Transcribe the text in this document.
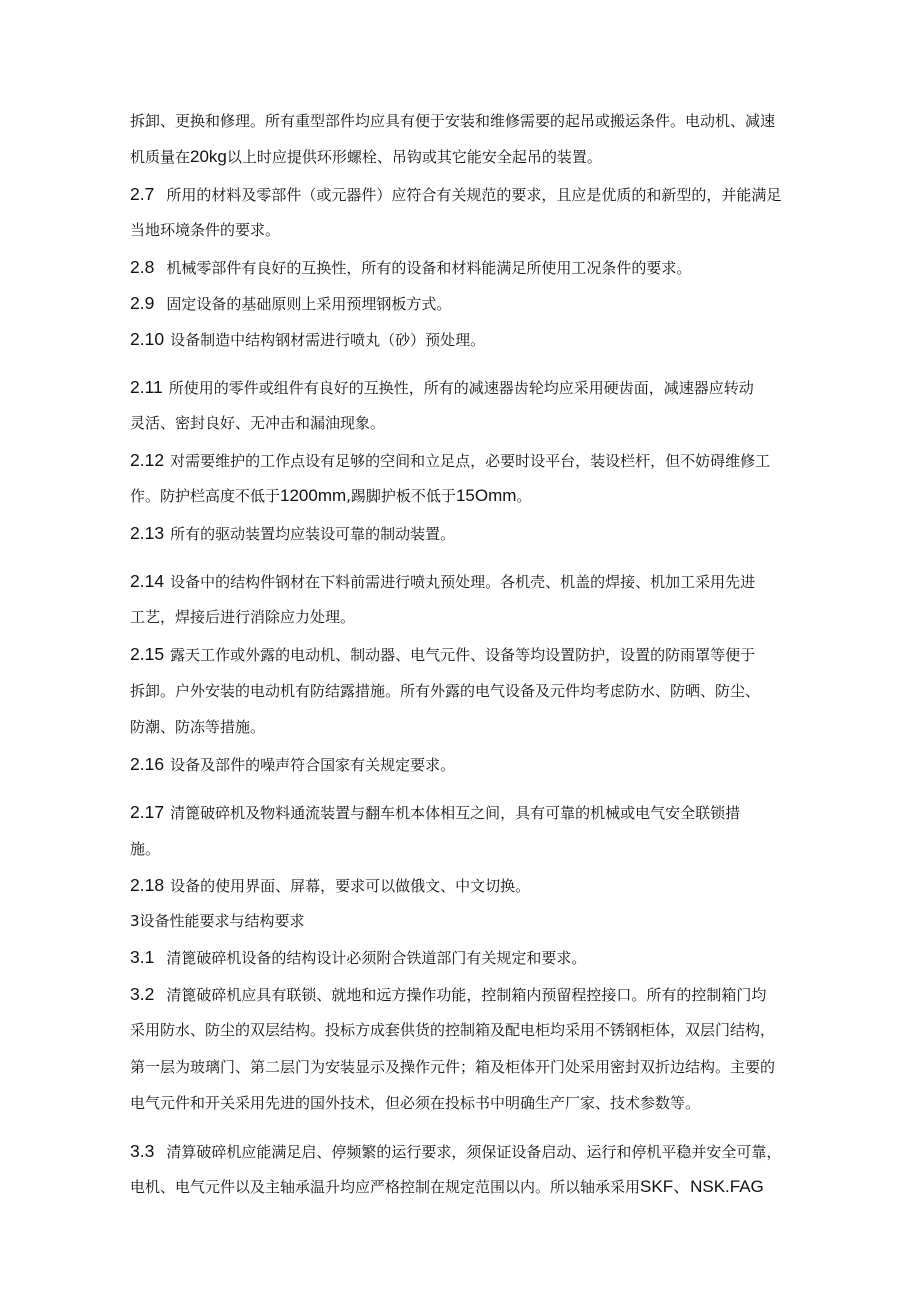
拆卸、更换和修理。所有重型部件均应具有便于安装和维修需要的起吊或搬运条件。电动机、减速
机质量在20kg以上时应提供环形螺栓、吊钩或其它能安全起吊的装置。
2.7 所用的材料及零部件（或元器件）应符合有关规范的要求，且应是优质的和新型的，并能满足
当地环境条件的要求。
2.8 机械零部件有良好的互换性，所有的设备和材料能满足所使用工况条件的要求。
2.9 固定设备的基础原则上采用预埋钢板方式。
2.10 设备制造中结构钢材需进行喷丸（砂）预处理。
2.11 所使用的零件或组件有良好的互换性，所有的减速器齿轮均应采用硬齿面，减速器应转动
灵活、密封良好、无冲击和漏油现象。
2.12 对需要维护的工作点设有足够的空间和立足点，必要时设平台，装设栏杆，但不妨碍维修工
作。防护栏高度不低于1200mm,踢脚护板不低于15Omm。
2.13 所有的驱动装置均应装设可靠的制动装置。
2.14 设备中的结构件钢材在下料前需进行喷丸预处理。各机壳、机盖的焊接、机加工采用先进
工艺，焊接后进行消除应力处理。
2.15 露天工作或外露的电动机、制动器、电气元件、设备等均设置防护，设置的防雨罩等便于
拆卸。户外安装的电动机有防结露措施。所有外露的电气设备及元件均考虑防水、防晒、防尘、
防潮、防冻等措施。
2.16 设备及部件的噪声符合国家有关规定要求。
2.17 清篦破碎机及物料通流装置与翻车机本体相互之间，具有可靠的机械或电气安全联锁措
施。
2.18 设备的使用界面、屏幕，要求可以做俄文、中文切换。
3设备性能要求与结构要求
3.1 清篦破碎机设备的结构设计必须附合铁道部门有关规定和要求。
3.2 清篦破碎机应具有联锁、就地和远方操作功能，控制箱内预留程控接口。所有的控制箱门均
采用防水、防尘的双层结构。投标方成套供货的控制箱及配电柜均采用不锈钢柜体，双层门结构，
第一层为玻璃门、第二层门为安装显示及操作元件；箱及柜体开门处采用密封双折边结构。主要的
电气元件和开关采用先进的国外技术，但必须在投标书中明确生产厂家、技术参数等。
3.3 清算破碎机应能满足启、停频繁的运行要求，须保证设备启动、运行和停机平稳并安全可靠，
电机、电气元件以及主轴承温升均应严格控制在规定范围以内。所以轴承采用SKF、NSK.FAG
